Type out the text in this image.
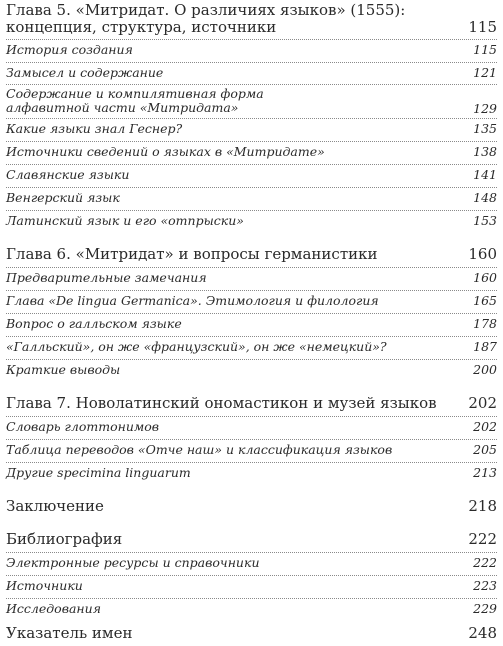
Глава 5. «Митридат. О различиях языков» (1555):
концепция, структура, источники	115
История создания	115
Замысел и содержание	121
Содержание и компилятивная форма
алфавитной части «Митридата»	129
Какие языки знал Геснер?	135
Источники сведений о языках в «Митридате»	138
Славянские языки	141
Венгерский язык	148
Латинский язык и его «отпрыски»	153
Глава 6. «Митридат» и вопросы германистики	160
Предварительные замечания	160
Глава «De lingua Germanica». Этимология и филология	165
Вопрос о галльском языке	178
«Галльский», он же «французский», он же «немецкий»?	187
Краткие выводы	200
Глава 7. Новолатинский ономастикон и музей языков	202
Словарь глоттонимов	202
Таблица переводов «Отче наш» и классификация языков	205
Другие specimina linguarum	213
Заключение	218
Библиография	222
Электронные ресурсы и справочники	222
Источники	223
Исследования	229
Указатель имен	248
